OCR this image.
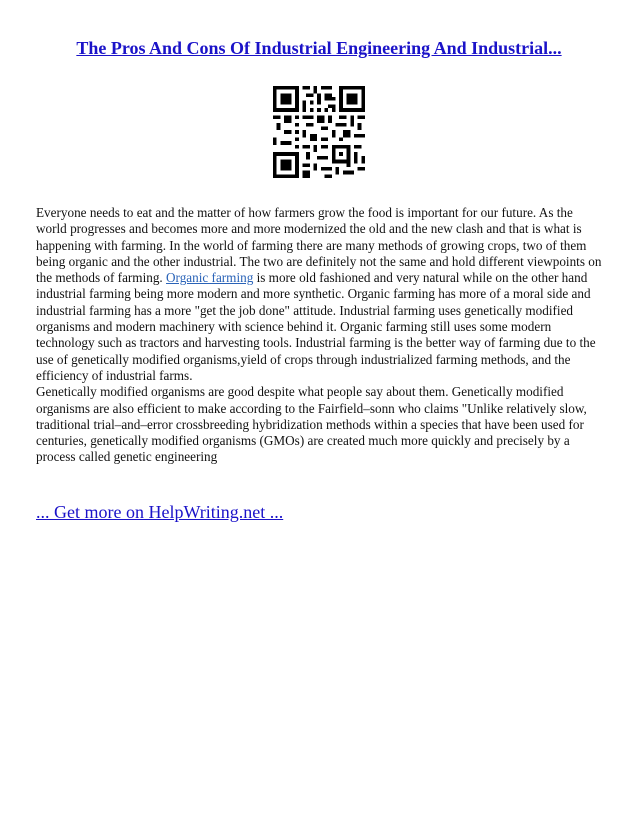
The Pros And Cons Of Industrial Engineering And Industrial...

Everyone needs to eat and the matter of how farmers grow the food is important for our future. As the world progresses and becomes more and more modernized the old and the new clash and that is what is happening with farming. In the world of farming there are many methods of growing crops, two of them being organic and the other industrial. The two are definitely not the same and hold different viewpoints on the methods of farming. Organic farming is more old fashioned and very natural while on the other hand industrial farming being more modern and more synthetic. Organic farming has more of a moral side and industrial farming has a more "get the job done" attitude. Industrial farming uses genetically modified organisms and modern machinery with science behind it. Organic farming still uses some modern technology such as tractors and harvesting tools. Industrial farming is the better way of farming due to the use of genetically modified organisms,yield of crops through industrialized farming methods, and the efficiency of industrial farms.

Genetically modified organisms are good despite what people say about them. Genetically modified organisms are also efficient to make according to the Fairfield–sonn who claims "Unlike relatively slow, traditional trial–and–error crossbreeding hybridization methods within a species that have been used for centuries, genetically modified organisms (GMOs) are created much more quickly and precisely by a process called genetic engineering

... Get more on HelpWriting.net ...
